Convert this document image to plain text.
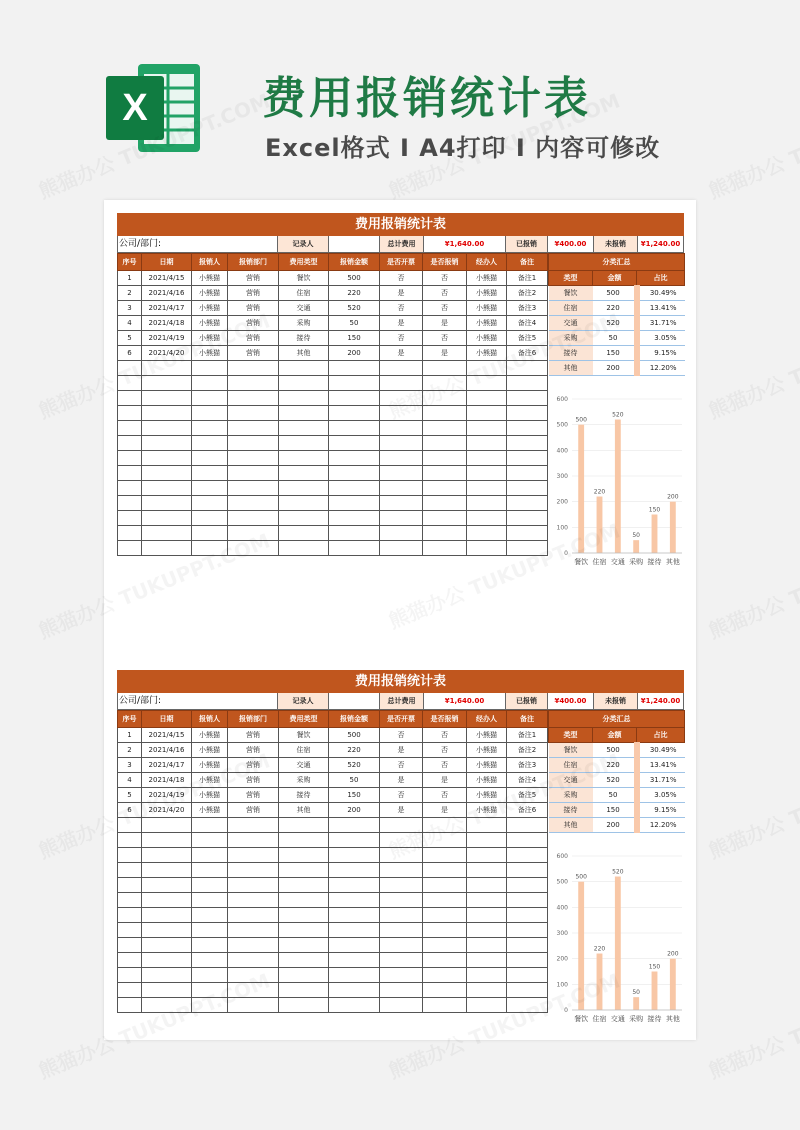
X	费用报销统计表
Excel格式 I A4打印 I 内容可修改
费用报销统计表
公司/部门:	记录人	总计费用	¥1,640.00	已报销	¥400.00	未报销	¥1,240.00
序号	日期	报销人	报销部门	费用类型	报销金额	是否开票	是否报销	经办人	备注
1	2021/4/15	小熊猫	营销	餐饮	500	否	否	小熊猫	备注1
2	2021/4/16	小熊猫	营销	住宿	220	是	否	小熊猫	备注2
3	2021/4/17	小熊猫	营销	交通	520	否	否	小熊猫	备注3
4	2021/4/18	小熊猫	营销	采购	50	是	是	小熊猫	备注4
5	2021/4/19	小熊猫	营销	接待	150	否	否	小熊猫	备注5
6	2021/4/20	小熊猫	营销	其他	200	是	是	小熊猫	备注6

分类汇总		
类型	金额	占比
餐饮	500	30.49%
住宿	220	13.41%
交通	520	31.71%
采购	50	3.05%
接待	150	9.15%
其他	200	12.20%
0
100
200
300
400
500
600
500
餐饮
220
住宿
520
交通
50
采购
150
接待
200
其他
费用报销统计表
公司/部门:	记录人	总计费用	¥1,640.00	已报销	¥400.00	未报销	¥1,240.00
序号	日期	报销人	报销部门	费用类型	报销金额	是否开票	是否报销	经办人	备注
1	2021/4/15	小熊猫	营销	餐饮	500	否	否	小熊猫	备注1
2	2021/4/16	小熊猫	营销	住宿	220	是	否	小熊猫	备注2
3	2021/4/17	小熊猫	营销	交通	520	否	否	小熊猫	备注3
4	2021/4/18	小熊猫	营销	采购	50	是	是	小熊猫	备注4
5	2021/4/19	小熊猫	营销	接待	150	否	否	小熊猫	备注5
6	2021/4/20	小熊猫	营销	其他	200	是	是	小熊猫	备注6

分类汇总		
类型	金额	占比
餐饮	500	30.49%
住宿	220	13.41%
交通	520	31.71%
采购	50	3.05%
接待	150	9.15%
其他	200	12.20%
0
100
200
300
400
500
600
500
餐饮
220
住宿
520
交通
50
采购
150
接待
200
其他
